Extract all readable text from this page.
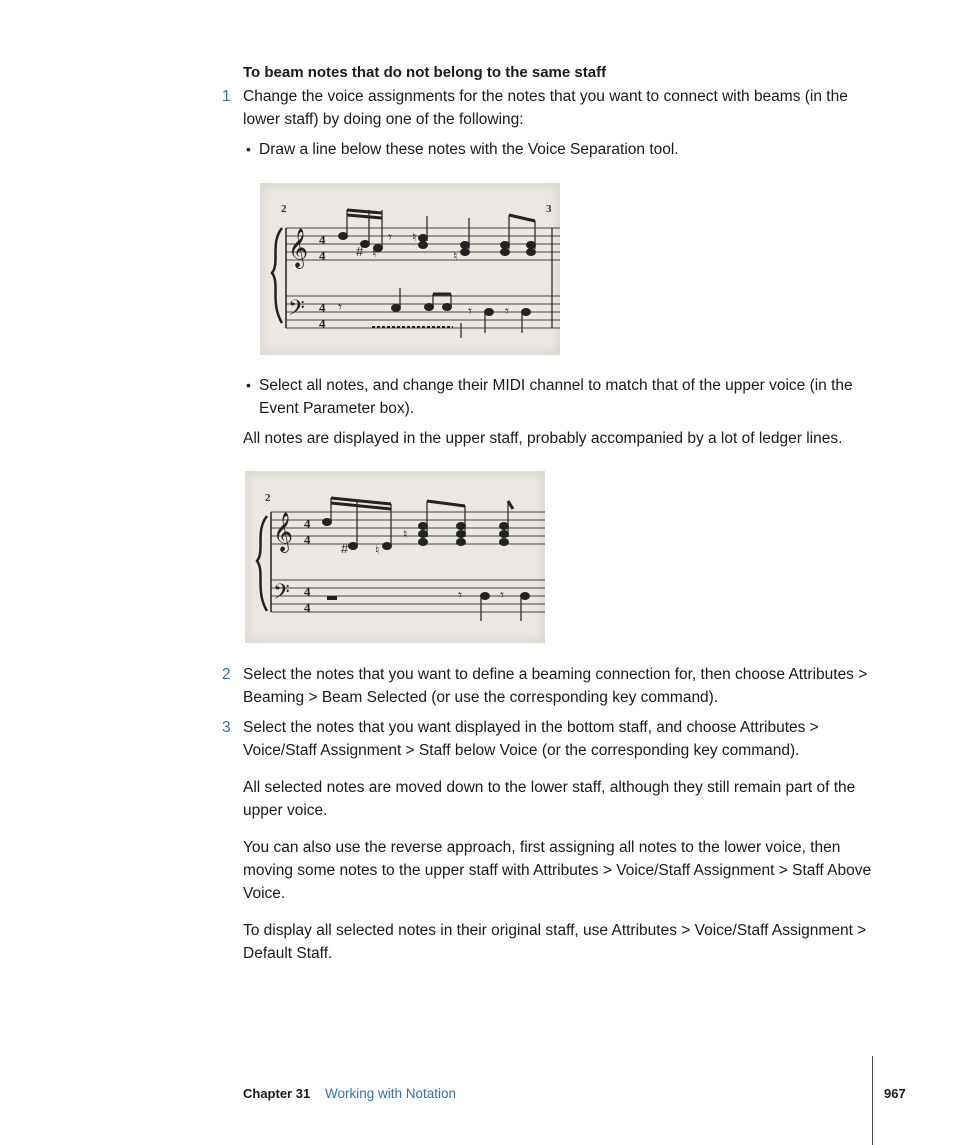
To beam notes that do not belong to the same staff
1 Change the voice assignments for the notes that you want to connect with beams (in the lower staff) by doing one of the following:
• Draw a line below these notes with the Voice Separation tool.
2	3
𝄞
𝄢
4
4
4
4
# ♮
𝄾 ♮
♮
𝄾	𝄾 𝄾
• Select all notes, and change their MIDI channel to match that of the upper voice (in the Event Parameter box).
All notes are displayed in the upper staff, probably accompanied by a lot of ledger lines.
2
𝄞
𝄢
4
4
4
4
# ♮
♮
𝄾	𝄾
2 Select the notes that you want to define a beaming connection for, then choose Attributes > Beaming > Beam Selected (or use the corresponding key command).
3 Select the notes that you want displayed in the bottom staff, and choose Attributes > Voice/Staff Assignment > Staff below Voice (or the corresponding key command).
All selected notes are moved down to the lower staff, although they still remain part of the upper voice.
You can also use the reverse approach, first assigning all notes to the lower voice, then moving some notes to the upper staff with Attributes > Voice/Staff Assignment > Staff Above Voice.
To display all selected notes in their original staff, use Attributes > Voice/Staff Assignment > Default Staff.
Chapter 31 Working with Notation	967
